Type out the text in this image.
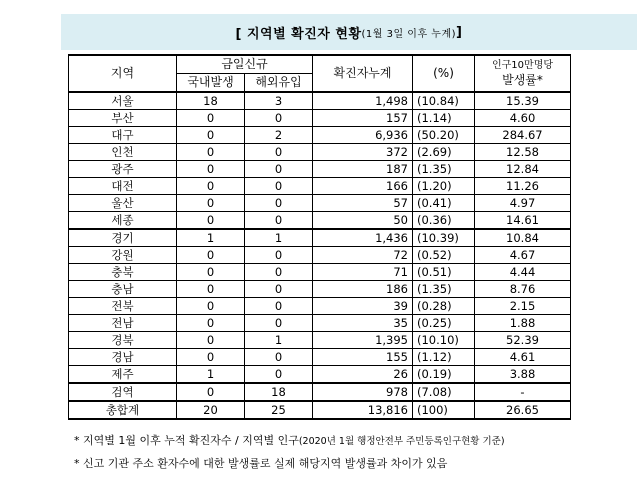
[ 지역별 확진자 현황 (1월 3일 이후 누계) ]
지역	금일신규		확진자누계	(%)	인구10만명당
발생률*

	국내발생	해외유입			
서울	18	3	1,498	(10.84)	15.39
부산	0	0	157	(1.14)	4.60
대구	0	2	6,936	(50.20)	284.67
인천	0	0	372	(2.69)	12.58
광주	0	0	187	(1.35)	12.84
대전	0	0	166	(1.20)	11.26
울산	0	0	57	(0.41)	4.97
세종	0	0	50	(0.36)	14.61
경기	1	1	1,436	(10.39)	10.84
강원	0	0	72	(0.52)	4.67
충북	0	0	71	(0.51)	4.44
충남	0	0	186	(1.35)	8.76
전북	0	0	39	(0.28)	2.15
전남	0	0	35	(0.25)	1.88
경북	0	1	1,395	(10.10)	52.39
경남	0	0	155	(1.12)	4.61
제주	1	0	26	(0.19)	3.88
검역	0	18	978	(7.08)	-
총합계	20	25	13,816	(100)	26.65
* 지역별 1월 이후 누적 확진자수 / 지역별 인구(2020년 1월 행정안전부 주민등록인구현황 기준)
* 신고 기관 주소 환자수에 대한 발생률로 실제 해당지역 발생률과 차이가 있음
